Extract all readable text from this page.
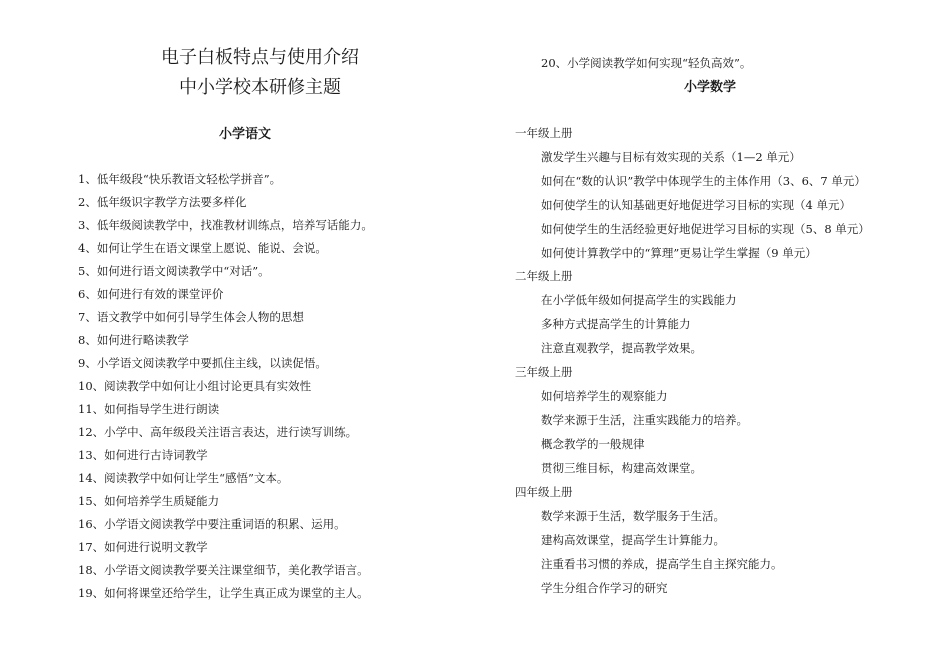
电子白板特点与使用介绍
中小学校本研修主题
小学语文
1、低年级段“快乐教语文轻松学拼音”。
2、低年级识字教学方法要多样化
3、低年级阅读教学中，找准教材训练点，培养写话能力。
4、如何让学生在语文课堂上愿说、能说、会说。
5、如何进行语文阅读教学中“对话”。
6、如何进行有效的课堂评价
7、语文教学中如何引导学生体会人物的思想
8、如何进行略读教学
9、小学语文阅读教学中要抓住主线，以读促悟。
10、阅读教学中如何让小组讨论更具有实效性
11、如何指导学生进行朗读
12、小学中、高年级段关注语言表达，进行读写训练。
13、如何进行古诗词教学
14、阅读教学中如何让学生“感悟”文本。
15、如何培养学生质疑能力
16、小学语文阅读教学中要注重词语的积累、运用。
17、如何进行说明文教学
18、小学语文阅读教学要关注课堂细节，美化教学语言。
19、如何将课堂还给学生，让学生真正成为课堂的主人。
20、小学阅读教学如何实现“轻负高效”。
小学数学
一年级上册
激发学生兴趣与目标有效实现的关系（1—2 单元）
如何在“数的认识”教学中体现学生的主体作用（3、6、7 单元）
如何使学生的认知基础更好地促进学习目标的实现（4 单元）
如何使学生的生活经验更好地促进学习目标的实现（5、8 单元）
如何使计算教学中的“算理”更易让学生掌握（9 单元）
二年级上册
在小学低年级如何提高学生的实践能力
多种方式提高学生的计算能力
注意直观教学，提高教学效果。
三年级上册
如何培养学生的观察能力
数学来源于生活，注重实践能力的培养。
概念教学的一般规律
贯彻三维目标，构建高效课堂。
四年级上册
数学来源于生活，数学服务于生活。
建构高效课堂，提高学生计算能力。
注重看书习惯的养成，提高学生自主探究能力。
学生分组合作学习的研究
